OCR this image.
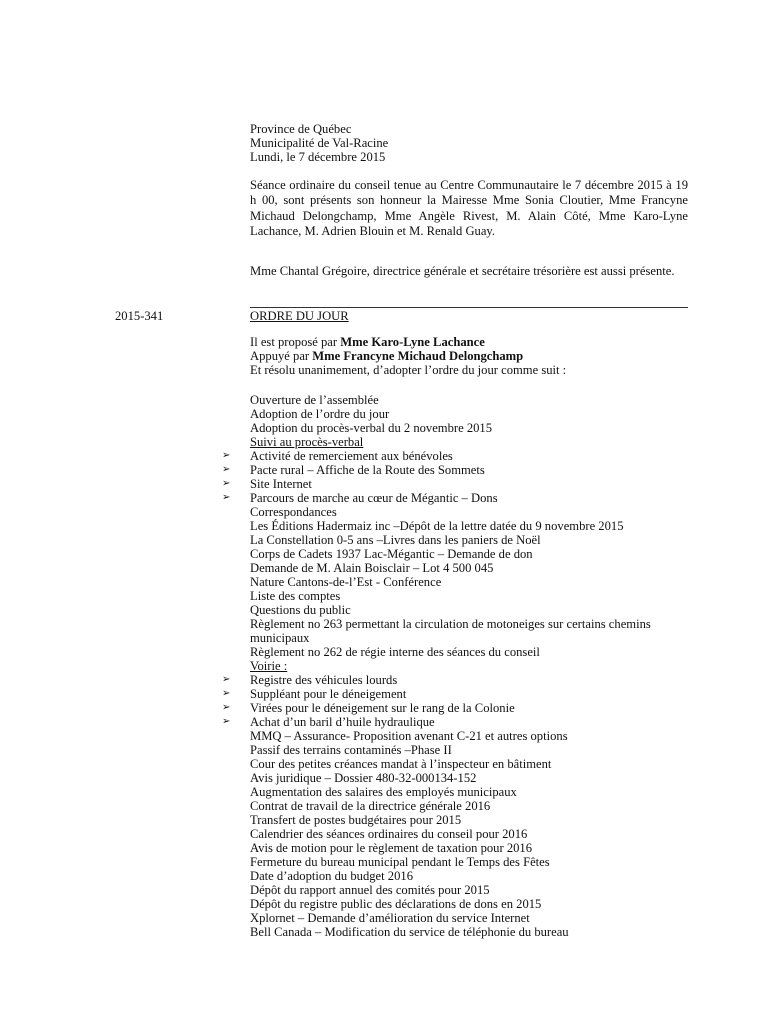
Province de Québec
Municipalité de Val-Racine
Lundi, le 7 décembre 2015
Séance ordinaire du conseil tenue au Centre Communautaire le 7 décembre 2015 à 19 h 00, sont présents son honneur la Mairesse Mme Sonia Cloutier, Mme Francyne Michaud Delongchamp, Mme Angèle Rivest, M. Alain Côté, Mme Karo-Lyne Lachance, M. Adrien Blouin et M. Renald Guay.
Mme Chantal Grégoire, directrice générale et secrétaire trésorière est aussi présente.
2015-341	ORDRE DU JOUR
Il est proposé par Mme Karo-Lyne Lachance
Appuyé par Mme Francyne Michaud Delongchamp
Et résolu unanimement, d’adopter l’ordre du jour comme suit :
Ouverture de l’assemblée
Adoption de l’ordre du jour
Adoption du procès-verbal du 2 novembre 2015
Suivi au procès-verbal
➢ Activité de remerciement aux bénévoles
➢ Pacte rural – Affiche de la Route des Sommets
➢ Site Internet
➢ Parcours de marche au cœur de Mégantic – Dons
Correspondances
Les Éditions Hadermaiz inc –Dépôt de la lettre datée du 9 novembre 2015
La Constellation 0-5 ans –Livres dans les paniers de Noël
Corps de Cadets 1937 Lac-Mégantic – Demande de don
Demande de M. Alain Boisclair – Lot 4 500 045
Nature Cantons-de-l’Est - Conférence
Liste des comptes
Questions du public
Règlement no 263 permettant la circulation de motoneiges sur certains chemins municipaux
Règlement no 262 de régie interne des séances du conseil
Voirie :
➢ Registre des véhicules lourds
➢ Suppléant pour le déneigement
➢ Virées pour le déneigement sur le rang de la Colonie
➢ Achat d’un baril d’huile hydraulique
MMQ – Assurance- Proposition avenant C-21 et autres options
Passif des terrains contaminés –Phase II
Cour des petites créances mandat à l’inspecteur en bâtiment
Avis juridique – Dossier 480-32-000134-152
Augmentation des salaires des employés municipaux
Contrat de travail de la directrice générale 2016
Transfert de postes budgétaires pour 2015
Calendrier des séances ordinaires du conseil pour 2016
Avis de motion pour le règlement de taxation pour 2016
Fermeture du bureau municipal pendant le Temps des Fêtes
Date d’adoption du budget 2016
Dépôt du rapport annuel des comités pour 2015
Dépôt du registre public des déclarations de dons en 2015
Xplornet – Demande d’amélioration du service Internet
Bell Canada – Modification du service de téléphonie du bureau
